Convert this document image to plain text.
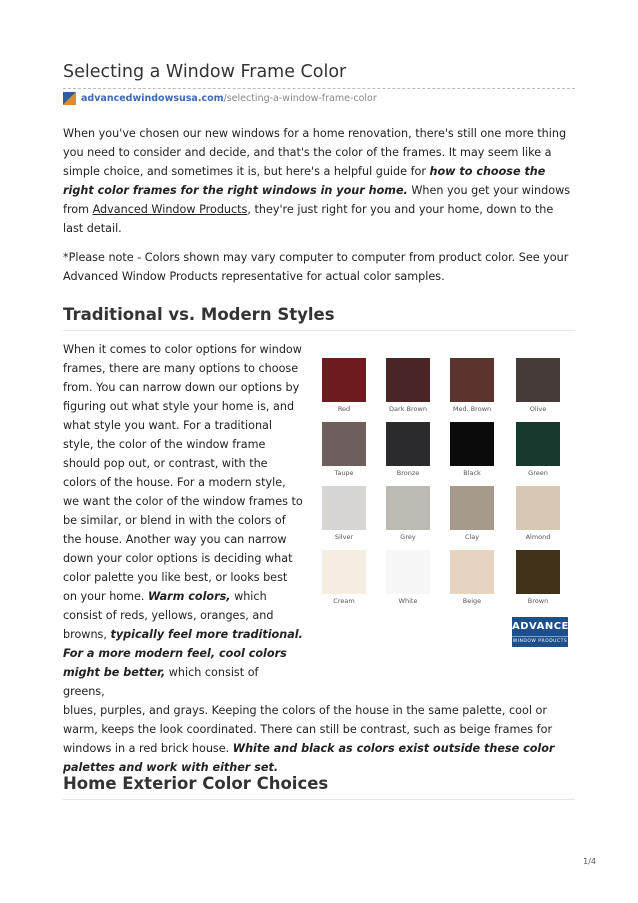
Selecting a Window Frame Color
advancedwindowsusa.com/selecting-a-window-frame-color

When you've chosen our new windows for a home renovation, there's still one more thing you need to consider and decide, and that's the color of the frames. It may seem like a simple choice, and sometimes it is, but here's a helpful guide for how to choose the right color frames for the right windows in your home. When you get your windows from Advanced Window Products, they're just right for you and your home, down to the last detail.

*Please note - Colors shown may vary computer to computer from product color. See your Advanced Window Products representative for actual color samples.

Traditional vs. Modern Styles

When it comes to color options for window frames, there are many options to choose from. You can narrow down our options by figuring out what style your home is, and what style you want. For a traditional style, the color of the window frame should pop out, or contrast, with the colors of the house. For a modern style, we want the color of the window frames to be similar, or blend in with the colors of the house. Another way you can narrow down your color options is deciding what color palette you like best, or looks best on your home. Warm colors, which consist of reds, yellows, oranges, and browns, typically feel more traditional. For a more modern feel, cool colors might be better, which consist of greens,

blues, purples, and grays. Keeping the colors of the house in the same palette, cool or warm, keeps the look coordinated. There can still be contrast, such as beige frames for windows in a red brick house. White and black as colors exist outside these color palettes and work with either set.

Home Exterior Color Choices
Red	Dark Brown	Med. Brown	Olive
Taupe	Bronze	Black	Green
Silver	Grey	Clay	Almond
Cream	White	Beige	Brown
ADVANCED
WINDOW PRODUCTS
1/4
